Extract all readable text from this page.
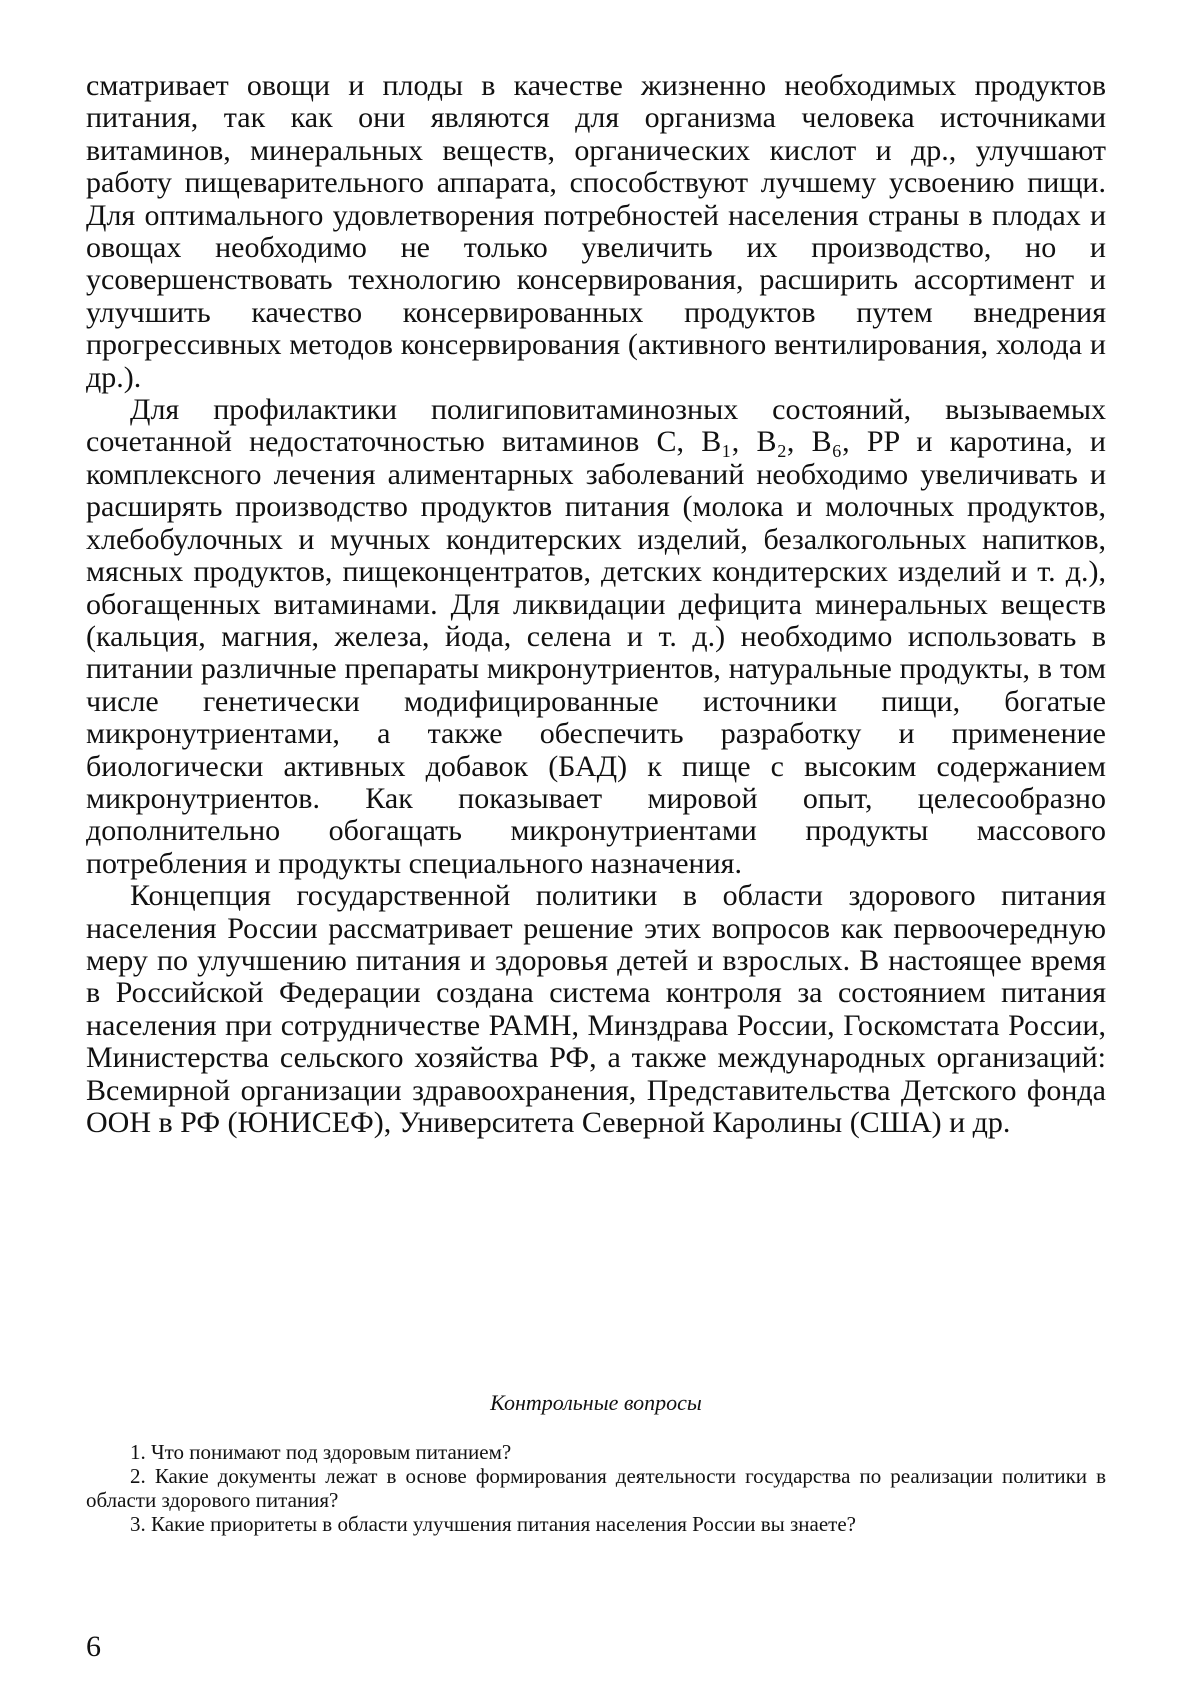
сматривает овощи и плоды в качестве жизненно необходимых продуктов питания, так как они являются для организма чело­века источниками витаминов, минеральных веществ, органи­ческих кислот и др., улучшают работу пищеварительного аппа­рата, способствуют лучшему усвоению пищи. Для оптимального удовлетворения потребностей населения страны в плодах и ово­щах необходимо не только увеличить их производство, но и усовершенствовать технологию консервирования, расширить ассортимент и улучшить качество консервированных продуктов путем внедрения прогрессивных методов консервирования (ак­тивного вентилирования, холода и др.).

Для профилактики полигиповитаминозных состояний, вы­зываемых сочетанной недостаточностью витаминов С, B₁, B₂, B₆, PP и каротина, и комплексного лечения алиментарных за­болеваний необходимо увеличивать и расширять производство продуктов питания (молока и молочных продуктов, хлебобу­лочных и мучных кондитерских изделий, безалкогольных на­питков, мясных продуктов, пищеконцентратов, детских конди­терских изделий и т. д.), обогащенных витаминами. Для ликви­дации дефицита минеральных веществ (кальция, магния, желе­за, йода, селена и т. д.) необходимо использовать в питании различные препараты микронутриентов, натуральные продук­ты, в том числе генетически модифицированные источники пищи, богатые микронутриентами, а также обеспечить разра­ботку и применение биологически активных добавок (БАД) к пище с высоким содержанием микронутриентов. Как показыва­ет мировой опыт, целесообразно дополнительно обогащать микронутриентами продукты массового потребления и продук­ты специального назначения.

Концепция государственной политики в области здорового пи­тания населения России рассматривает решение этих вопросов как первоочередную меру по улучшению питания и здоровья де­тей и взрослых. В настоящее время в Российской Федерации со­здана система контроля за состоянием питания населения при со­трудничестве РАМН, Минздрава России, Госкомстата России, Министерства сельского хозяйства РФ, а также международных организаций: Всемирной организации здравоохранения, Предста­вительства Детского фонда ООН в РФ (ЮНИСЕФ), Университета Северной Каролины (США) и др.

Контрольные вопросы

1. Что понимают под здоровым питанием?

2. Какие документы лежат в основе формирования деятельности государства по реализации политики в области здорового питания?

3. Какие приоритеты в области улучшения питания населения России вы зна­ете?

6
